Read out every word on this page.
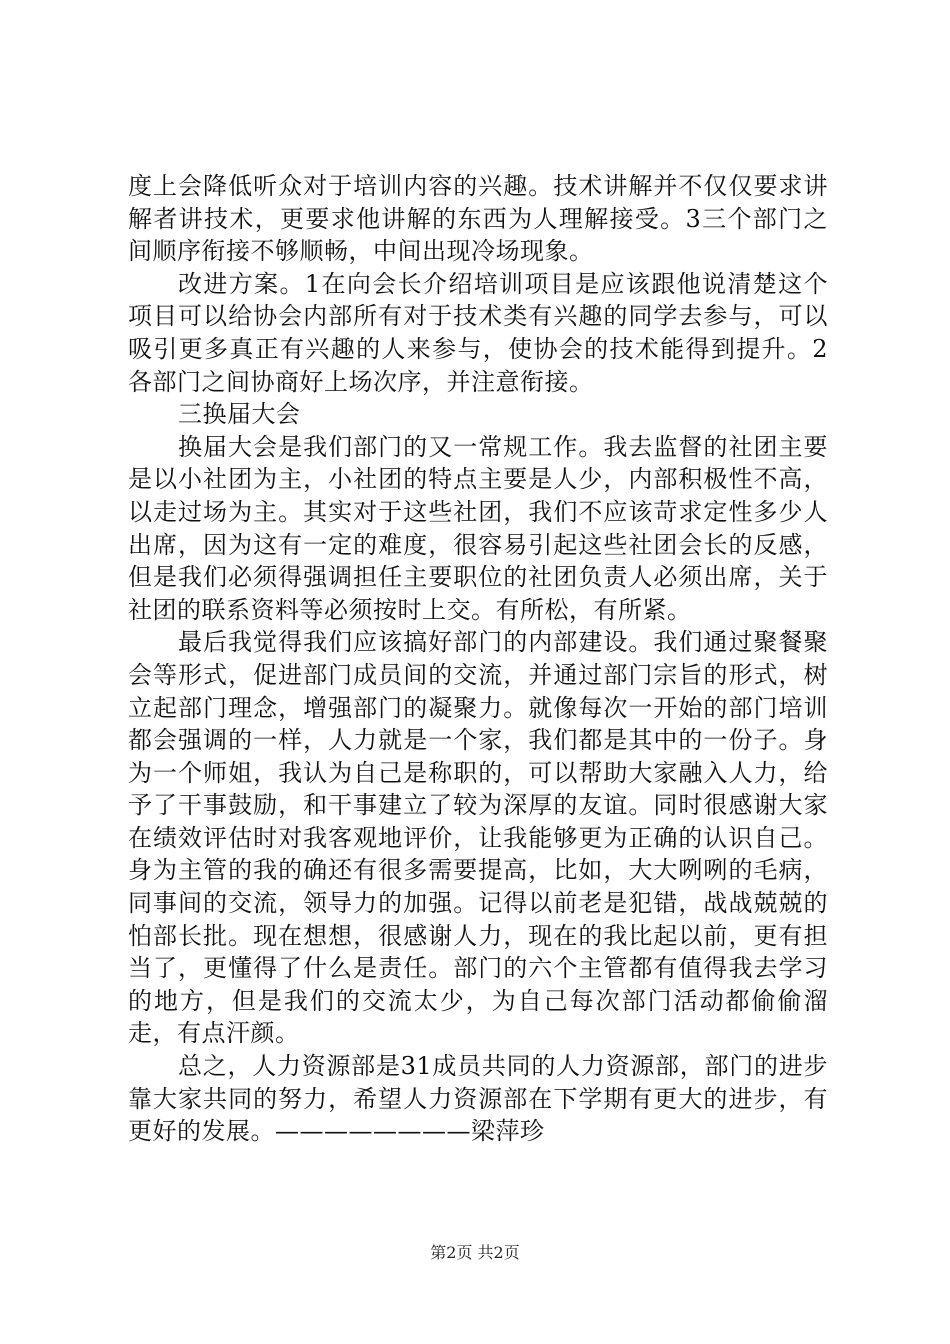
度上会降低听众对于培训内容的兴趣。技术讲解并不仅仅要求讲解者讲技术，更要求他讲解的东西为人理解接受。3三个部门之间顺序衔接不够顺畅，中间出现冷场现象。

改进方案。1在向会长介绍培训项目是应该跟他说清楚这个项目可以给协会内部所有对于技术类有兴趣的同学去参与，可以吸引更多真正有兴趣的人来参与，使协会的技术能得到提升。2各部门之间协商好上场次序，并注意衔接。

三换届大会

换届大会是我们部门的又一常规工作。我去监督的社团主要是以小社团为主，小社团的特点主要是人少，内部积极性不高，以走过场为主。其实对于这些社团，我们不应该苛求定性多少人出席，因为这有一定的难度，很容易引起这些社团会长的反感，但是我们必须得强调担任主要职位的社团负责人必须出席，关于社团的联系资料等必须按时上交。有所松，有所紧。

最后我觉得我们应该搞好部门的内部建设。我们通过聚餐聚会等形式，促进部门成员间的交流，并通过部门宗旨的形式，树立起部门理念，增强部门的凝聚力。就像每次一开始的部门培训都会强调的一样，人力就是一个家，我们都是其中的一份子。身为一个师姐，我认为自己是称职的，可以帮助大家融入人力，给予了干事鼓励，和干事建立了较为深厚的友谊。同时很感谢大家在绩效评估时对我客观地评价，让我能够更为正确的认识自己。身为主管的我的确还有很多需要提高，比如，大大咧咧的毛病，同事间的交流，领导力的加强。记得以前老是犯错，战战兢兢的怕部长批。现在想想，很感谢人力，现在的我比起以前，更有担当了，更懂得了什么是责任。部门的六个主管都有值得我去学习的地方，但是我们的交流太少，为自己每次部门活动都偷偷溜走，有点汗颜。

总之，人力资源部是31成员共同的人力资源部，部门的进步靠大家共同的努力，希望人力资源部在下学期有更大的进步，有更好的发展。————————梁萍珍

第2页 共2页
